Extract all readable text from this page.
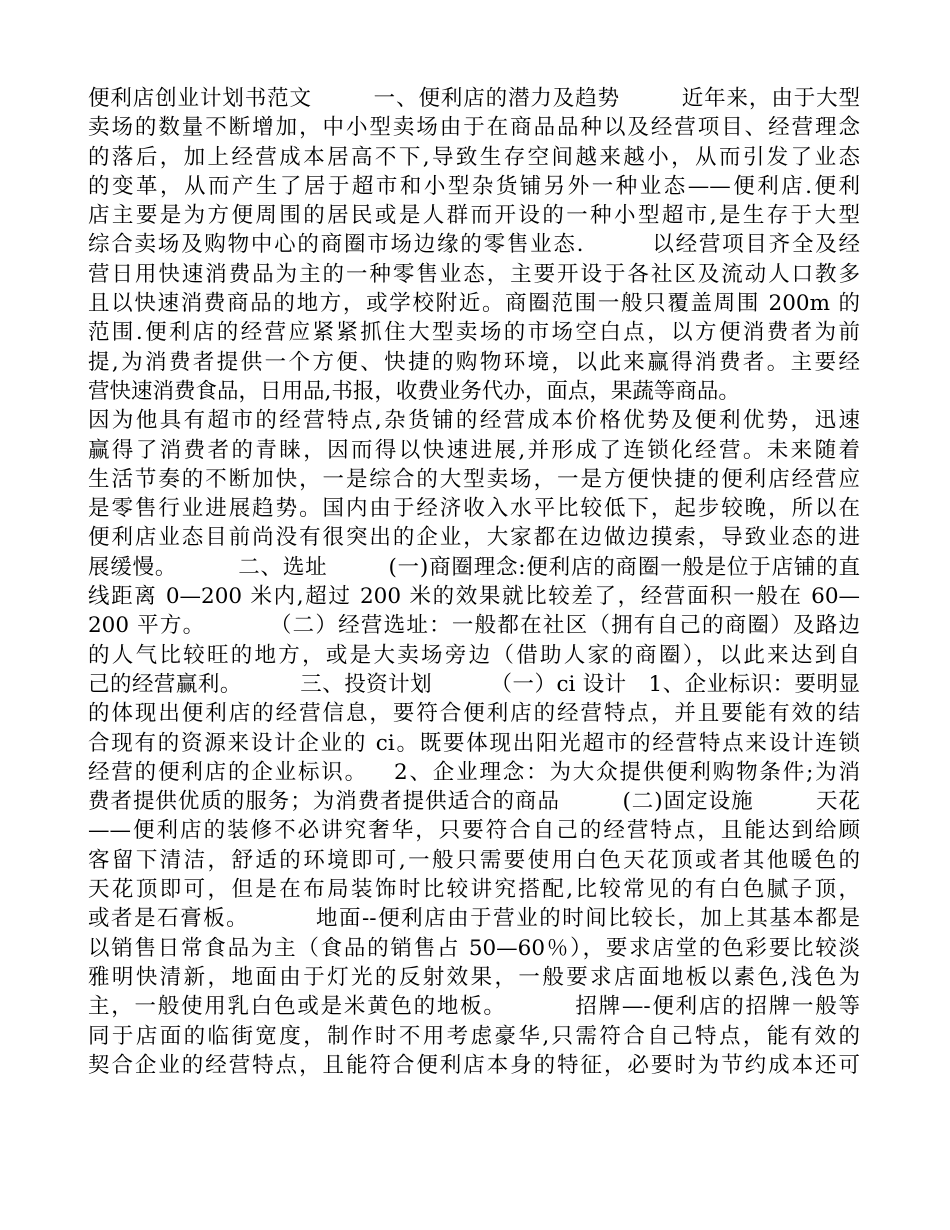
便利店创业计划书范文        一、便利店的潜力及趋势        近年来，由于大型
卖场的数量不断增加，中小型卖场由于在商品品种以及经营项目、经营理念
的落后，加上经营成本居高不下,导致生存空间越来越小，从而引发了业态
的变革，从而产生了居于超市和小型杂货铺另外一种业态——便利店.便利
店主要是为方便周围的居民或是人群而开设的一种小型超市,是生存于大型
综合卖场及购物中心的商圈市场边缘的零售业态.        以经营项目齐全及经
营日用快速消费品为主的一种零售业态，主要开设于各社区及流动人口教多
且以快速消费商品的地方，或学校附近。商圈范围一般只覆盖周围 200m 的
范围.便利店的经营应紧紧抓住大型卖场的市场空白点，以方便消费者为前
提,为消费者提供一个方便、快捷的购物环境，以此来赢得消费者。主要经
营快速消费食品，日用品,书报，收费业务代办，面点，果蔬等商品。
因为他具有超市的经营特点,杂货铺的经营成本价格优势及便利优势，迅速
赢得了消费者的青睐，因而得以快速进展,并形成了连锁化经营。未来随着
生活节奏的不断加快，一是综合的大型卖场，一是方便快捷的便利店经营应
是零售行业进展趋势。国内由于经济收入水平比较低下，起步较晚，所以在
便利店业态目前尚没有很突出的企业，大家都在边做边摸索，导致业态的进
展缓慢。        二、选址        (一)商圈理念:便利店的商圈一般是位于店铺的直
线距离 0—200 米内,超过 200 米的效果就比较差了，经营面积一般在 60—
200 平方。        （二）经营选址：一般都在社区（拥有自己的商圈）及路边
的人气比较旺的地方，或是大卖场旁边（借助人家的商圈），以此来达到自
己的经营赢利。        三、投资计划        （一）ci 设计   1、企业标识：要明显
的体现出便利店的经营信息，要符合便利店的经营特点，并且要能有效的结
合现有的资源来设计企业的 ci。既要体现出阳光超市的经营特点来设计连锁
经营的便利店的企业标识。   2、企业理念：为大众提供便利购物条件;为消
费者提供优质的服务；为消费者提供适合的商品        (二)固定设施        天花
——便利店的装修不必讲究奢华，只要符合自己的经营特点，且能达到给顾
客留下清洁，舒适的环境即可,一般只需要使用白色天花顶或者其他暖色的
天花顶即可，但是在布局装饰时比较讲究搭配,比较常见的有白色腻子顶，
或者是石膏板。        地面--便利店由于营业的时间比较长，加上其基本都是
以销售日常食品为主（食品的销售占 50—60％），要求店堂的色彩要比较淡
雅明快清新，地面由于灯光的反射效果，一般要求店面地板以素色,浅色为
主，一般使用乳白色或是米黄色的地板。        招牌—-便利店的招牌一般等
同于店面的临街宽度，制作时不用考虑豪华,只需符合自己特点，能有效的
契合企业的经营特点，且能符合便利店本身的特征，必要时为节约成本还可
